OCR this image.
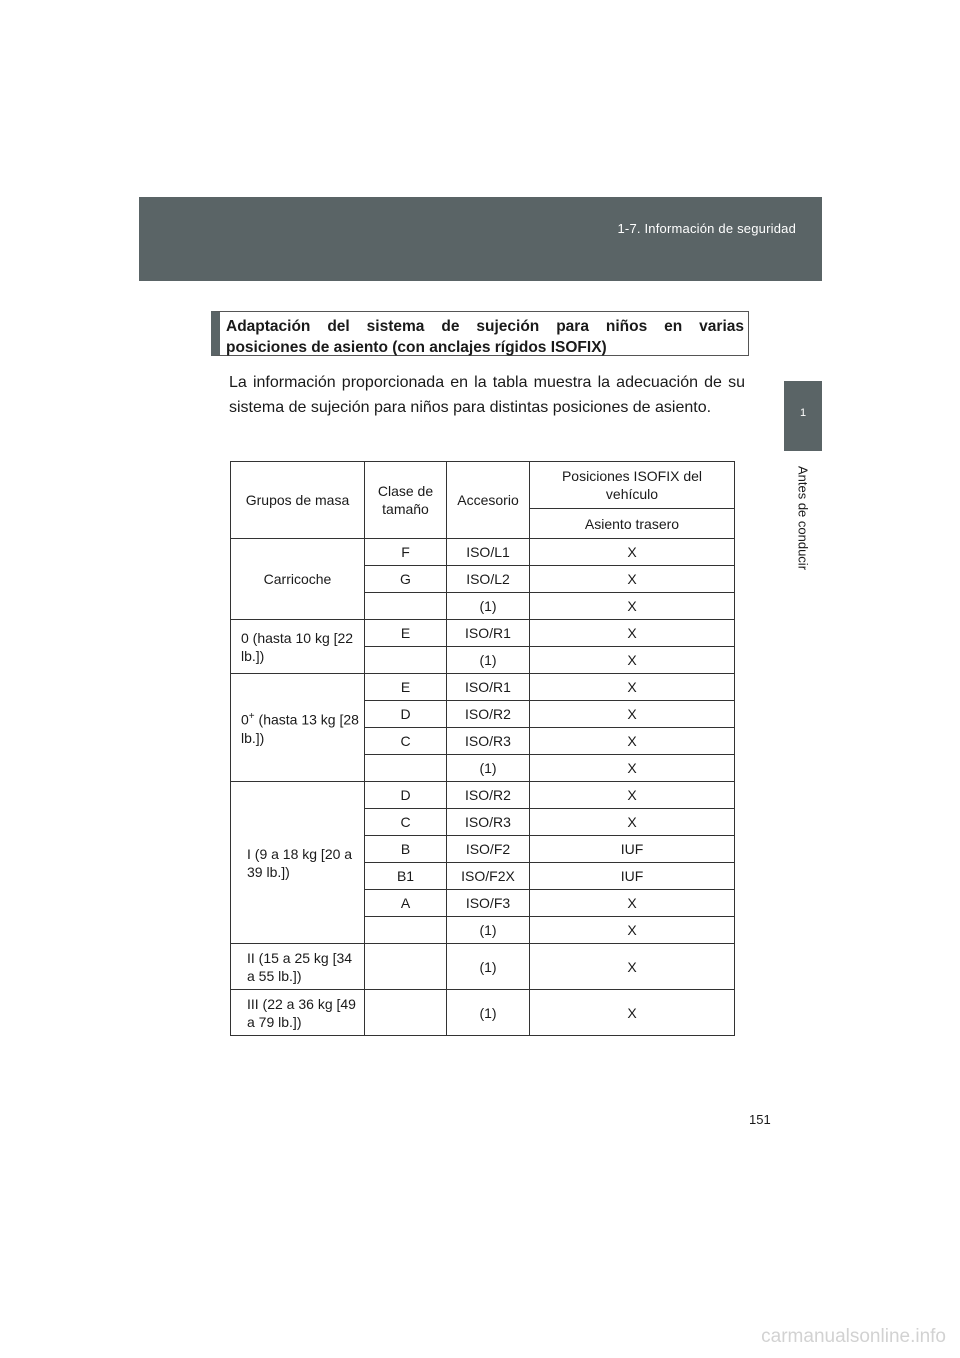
1-7. Información de seguridad
1
Antes de conducir
Adaptación del sistema de sujeción para niños en varias
posiciones de asiento (con anclajes rígidos ISOFIX)

La información proporcionada en la tabla muestra la adecuación de su sistema de sujeción para niños para distintas posiciones de asiento.

Grupos de masa	Clase de tamaño	Accesorio	Posiciones ISOFIX del vehículo
			Asiento trasero
Carricoche	F	ISO/L1	X
	G	ISO/L2	X
		(1)	X
0 (hasta 10 kg [22 lb.])	E	ISO/R1	X
		(1)	X
0+ (hasta 13 kg [28 lb.])	E	ISO/R1	X
	D	ISO/R2	X
	C	ISO/R3	X
		(1)	X
I (9 a 18 kg [20 a 39 lb.])	D	ISO/R2	X
	C	ISO/R3	X
	B	ISO/F2	IUF
	B1	ISO/F2X	IUF
	A	ISO/F3	X
		(1)	X
II (15 a 25 kg [34 a 55 lb.])		(1)	X
III (22 a 36 kg [49 a 79 lb.])		(1)	X
151
carmanualsonline.info
